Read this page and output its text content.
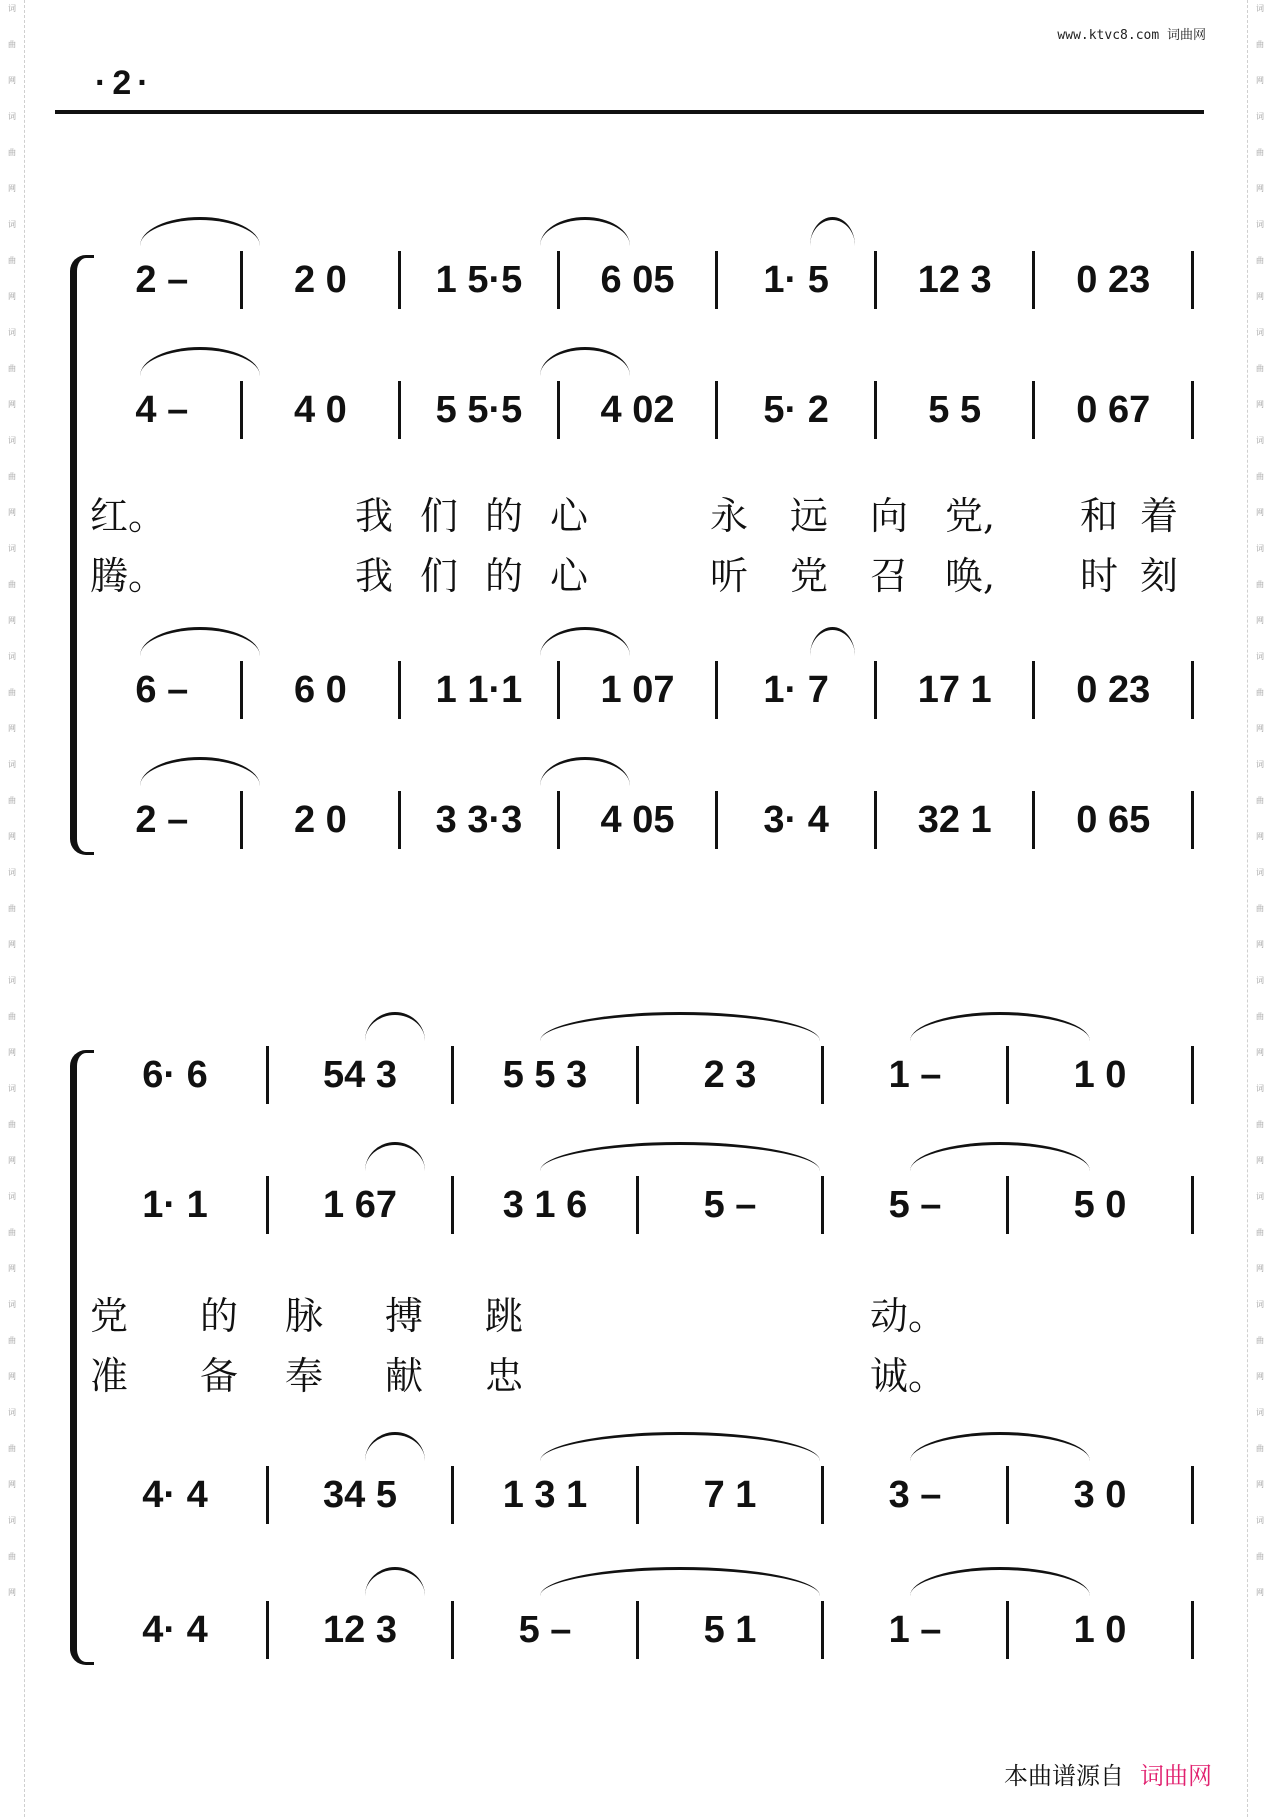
词
曲
网
词
曲
网
词
曲
网
词
曲
网
词
曲
网
词
曲
网
词
曲
网
词
曲
网
词
曲
网
词
曲
网
词
曲
网
词
曲
网
词
曲
网
词
曲
网
词
曲
网
词
曲
网
词
曲
网
词
曲
网
词
曲
网
词
曲
网
词
曲
网
词
曲
网
词
曲
网
词
曲
网
词
曲
网
词
曲
网
词
曲
网
词
曲
网
词
曲
网
词
曲
网
www.ktvc8.com 词曲网
·2·
2 –	2 0 1 5·5 6 05 1· 5 12 3 0 23
4 –	4 0 5 5·5 4 02 5· 2	5 5	0 67
红。	我 们 的 心	永 远 向 党, 和 着
腾。	我 们 的 心	听 党 召 唤, 时 刻
6 –	6 0 1 1·1 1 07 1· 7 17 1 0 23
2 –	2 0 3 3·3 4 05 3· 4 32 1 0 65
6· 6	54 3	5 5 3	2 3	1 –	1 0
1· 1	1 67	3 1 6	5 –	5 –	5 0
党 的 脉 搏 跳	动。
准 备 奉 献 忠	诚。
4· 4	34 5	1 3 1	7 1	3 –	3 0
4· 4	12 3	5 –	5 1	1 –	1 0
本曲谱源自 词曲网
